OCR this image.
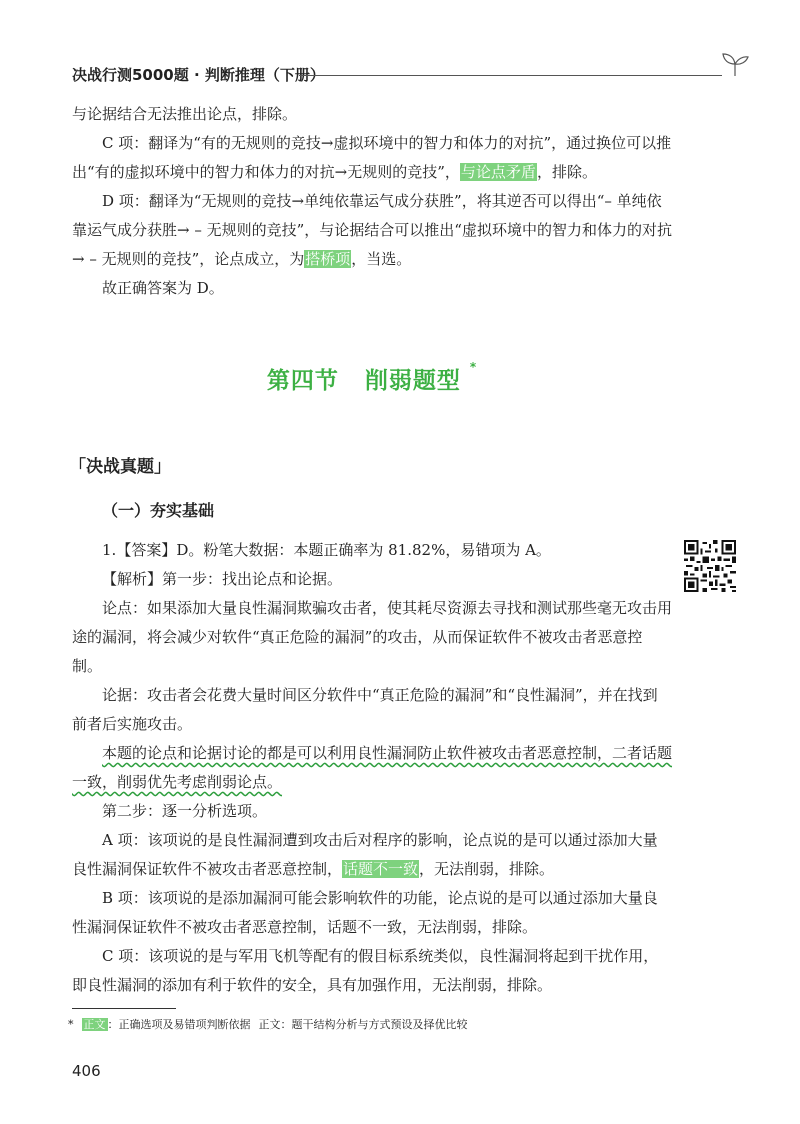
决战行测5000题 · 判断推理（下册）

与论据结合无法推出论点，排除。

C 项：翻译为“有的无规则的竞技→虚拟环境中的智力和体力的对抗”，通过换位可以推出“有的虚拟环境中的智力和体力的对抗→无规则的竞技”，与论点矛盾，排除。

D 项：翻译为“无规则的竞技→单纯依靠运气成分获胜”，将其逆否可以得出“– 单纯依靠运气成分获胜→ – 无规则的竞技”，与论据结合可以推出“虚拟环境中的智力和体力的对抗→ – 无规则的竞技”，论点成立，为搭桥项，当选。

故正确答案为 D。

第四节 削弱题型 *
「决战真题」
（一）夯实基础

1.【答案】D。粉笔大数据：本题正确率为 81.82%，易错项为 A。

【解析】第一步：找出论点和论据。

论点：如果添加大量良性漏洞欺骗攻击者，使其耗尽资源去寻找和测试那些毫无攻击用途的漏洞，将会减少对软件“真正危险的漏洞”的攻击，从而保证软件不被攻击者恶意控制。

论据：攻击者会花费大量时间区分软件中“真正危险的漏洞”和“良性漏洞”，并在找到前者后实施攻击。

本题的论点和论据讨论的都是可以利用良性漏洞防止软件被攻击者恶意控制，二者话题一致，削弱优先考虑削弱论点。

第二步：逐一分析选项。

A 项：该项说的是良性漏洞遭到攻击后对程序的影响，论点说的是可以通过添加大量良性漏洞保证软件不被攻击者恶意控制，话题不一致，无法削弱，排除。

B 项：该项说的是添加漏洞可能会影响软件的功能，论点说的是可以通过添加大量良性漏洞保证软件不被攻击者恶意控制，话题不一致，无法削弱，排除。

C 项：该项说的是与军用飞机等配有的假目标系统类似，良性漏洞将起到干扰作用，即良性漏洞的添加有利于软件的安全，具有加强作用，无法削弱，排除。

* 正文 ：正确选项及易错项判断依据 正文：题干结构分析与方式预设及择优比较
406
